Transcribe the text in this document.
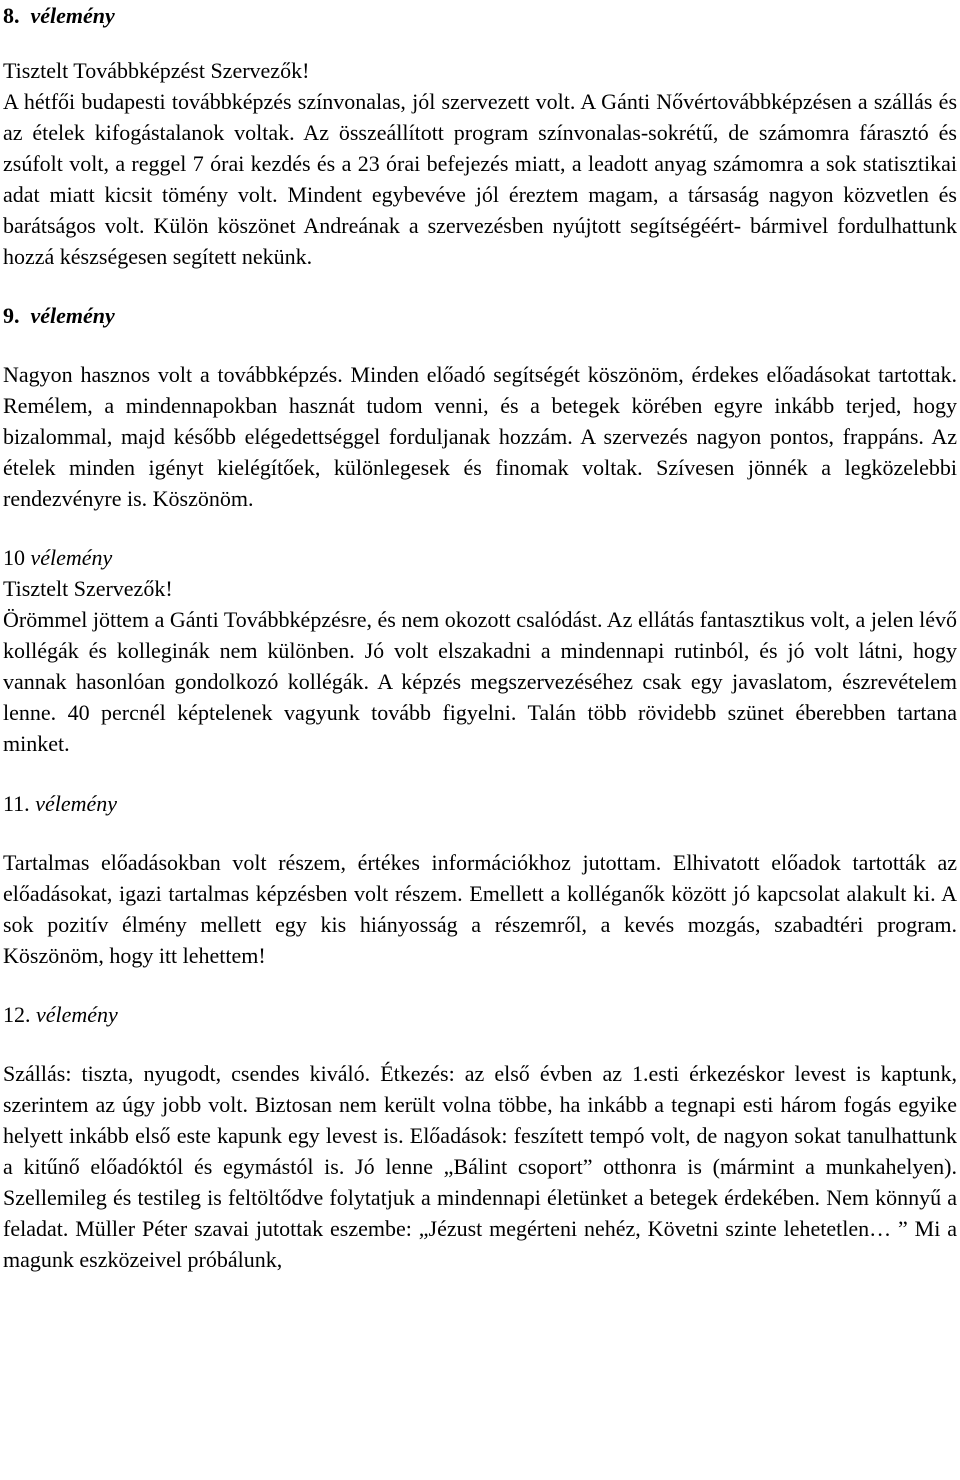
8. vélemény

Tisztelt Továbbképzést Szervezők!

A hétfői budapesti továbbképzés színvonalas, jól szervezett volt. A Gánti Nővértovábbképzésen a szállás és az ételek kifogástalanok voltak. Az összeállított program színvonalas-sokrétű, de számomra fárasztó és zsúfolt volt, a reggel 7 órai kezdés és a 23 órai befejezés miatt, a leadott anyag számomra a sok statisztikai adat miatt kicsit tömény volt. Mindent egybevéve jól éreztem magam, a társaság nagyon közvetlen és barátságos volt. Külön köszönet Andreának a szervezésben nyújtott segítségéért- bármivel fordulhattunk hozzá készségesen segített nekünk.

9. vélemény

Nagyon hasznos volt a továbbképzés. Minden előadó segítségét köszönöm, érdekes előadásokat tartottak. Remélem, a mindennapokban hasznát tudom venni, és a betegek körében egyre inkább terjed, hogy bizalommal, majd később elégedettséggel forduljanak hozzám. A szervezés nagyon pontos, frappáns. Az ételek minden igényt kielégítőek, különlegesek és finomak voltak. Szívesen jönnék a legközelebbi rendezvényre is. Köszönöm.

10 vélemény

Tisztelt Szervezők!

Örömmel jöttem a Gánti Továbbképzésre, és nem okozott csalódást. Az ellátás fantasztikus volt, a jelen lévő kollégák és kolleginák nem különben. Jó volt elszakadni a mindennapi rutinból, és jó volt látni, hogy vannak hasonlóan gondolkozó kollégák. A képzés megszervezéséhez csak egy javaslatom, észrevételem lenne. 40 percnél képtelenek vagyunk tovább figyelni. Talán több rövidebb szünet éberebben tartana minket.

11. vélemény

Tartalmas előadásokban volt részem, értékes információkhoz jutottam. Elhivatott előadok tartották az előadásokat, igazi tartalmas képzésben volt részem. Emellett a kolléganők között jó kapcsolat alakult ki. A sok pozitív élmény mellett egy kis hiányosság a részemről, a kevés mozgás, szabadtéri program. Köszönöm, hogy itt lehettem!

12. vélemény

Szállás: tiszta, nyugodt, csendes kiváló. Étkezés: az első évben az 1.esti érkezéskor levest is kaptunk, szerintem az úgy jobb volt. Biztosan nem került volna többe, ha inkább a tegnapi esti három fogás egyike helyett inkább első este kapunk egy levest is. Előadások: feszített tempó volt, de nagyon sokat tanulhattunk a kitűnő előadóktól és egymástól is. Jó lenne „Bálint csoport” otthonra is (mármint a munkahelyen). Szellemileg és testileg is feltöltődve folytatjuk a mindennapi életünket a betegek érdekében. Nem könnyű a feladat. Müller Péter szavai jutottak eszembe: „Jézust megérteni nehéz, Követni szinte lehetetlen… ” Mi a magunk eszközeivel próbálunk,
